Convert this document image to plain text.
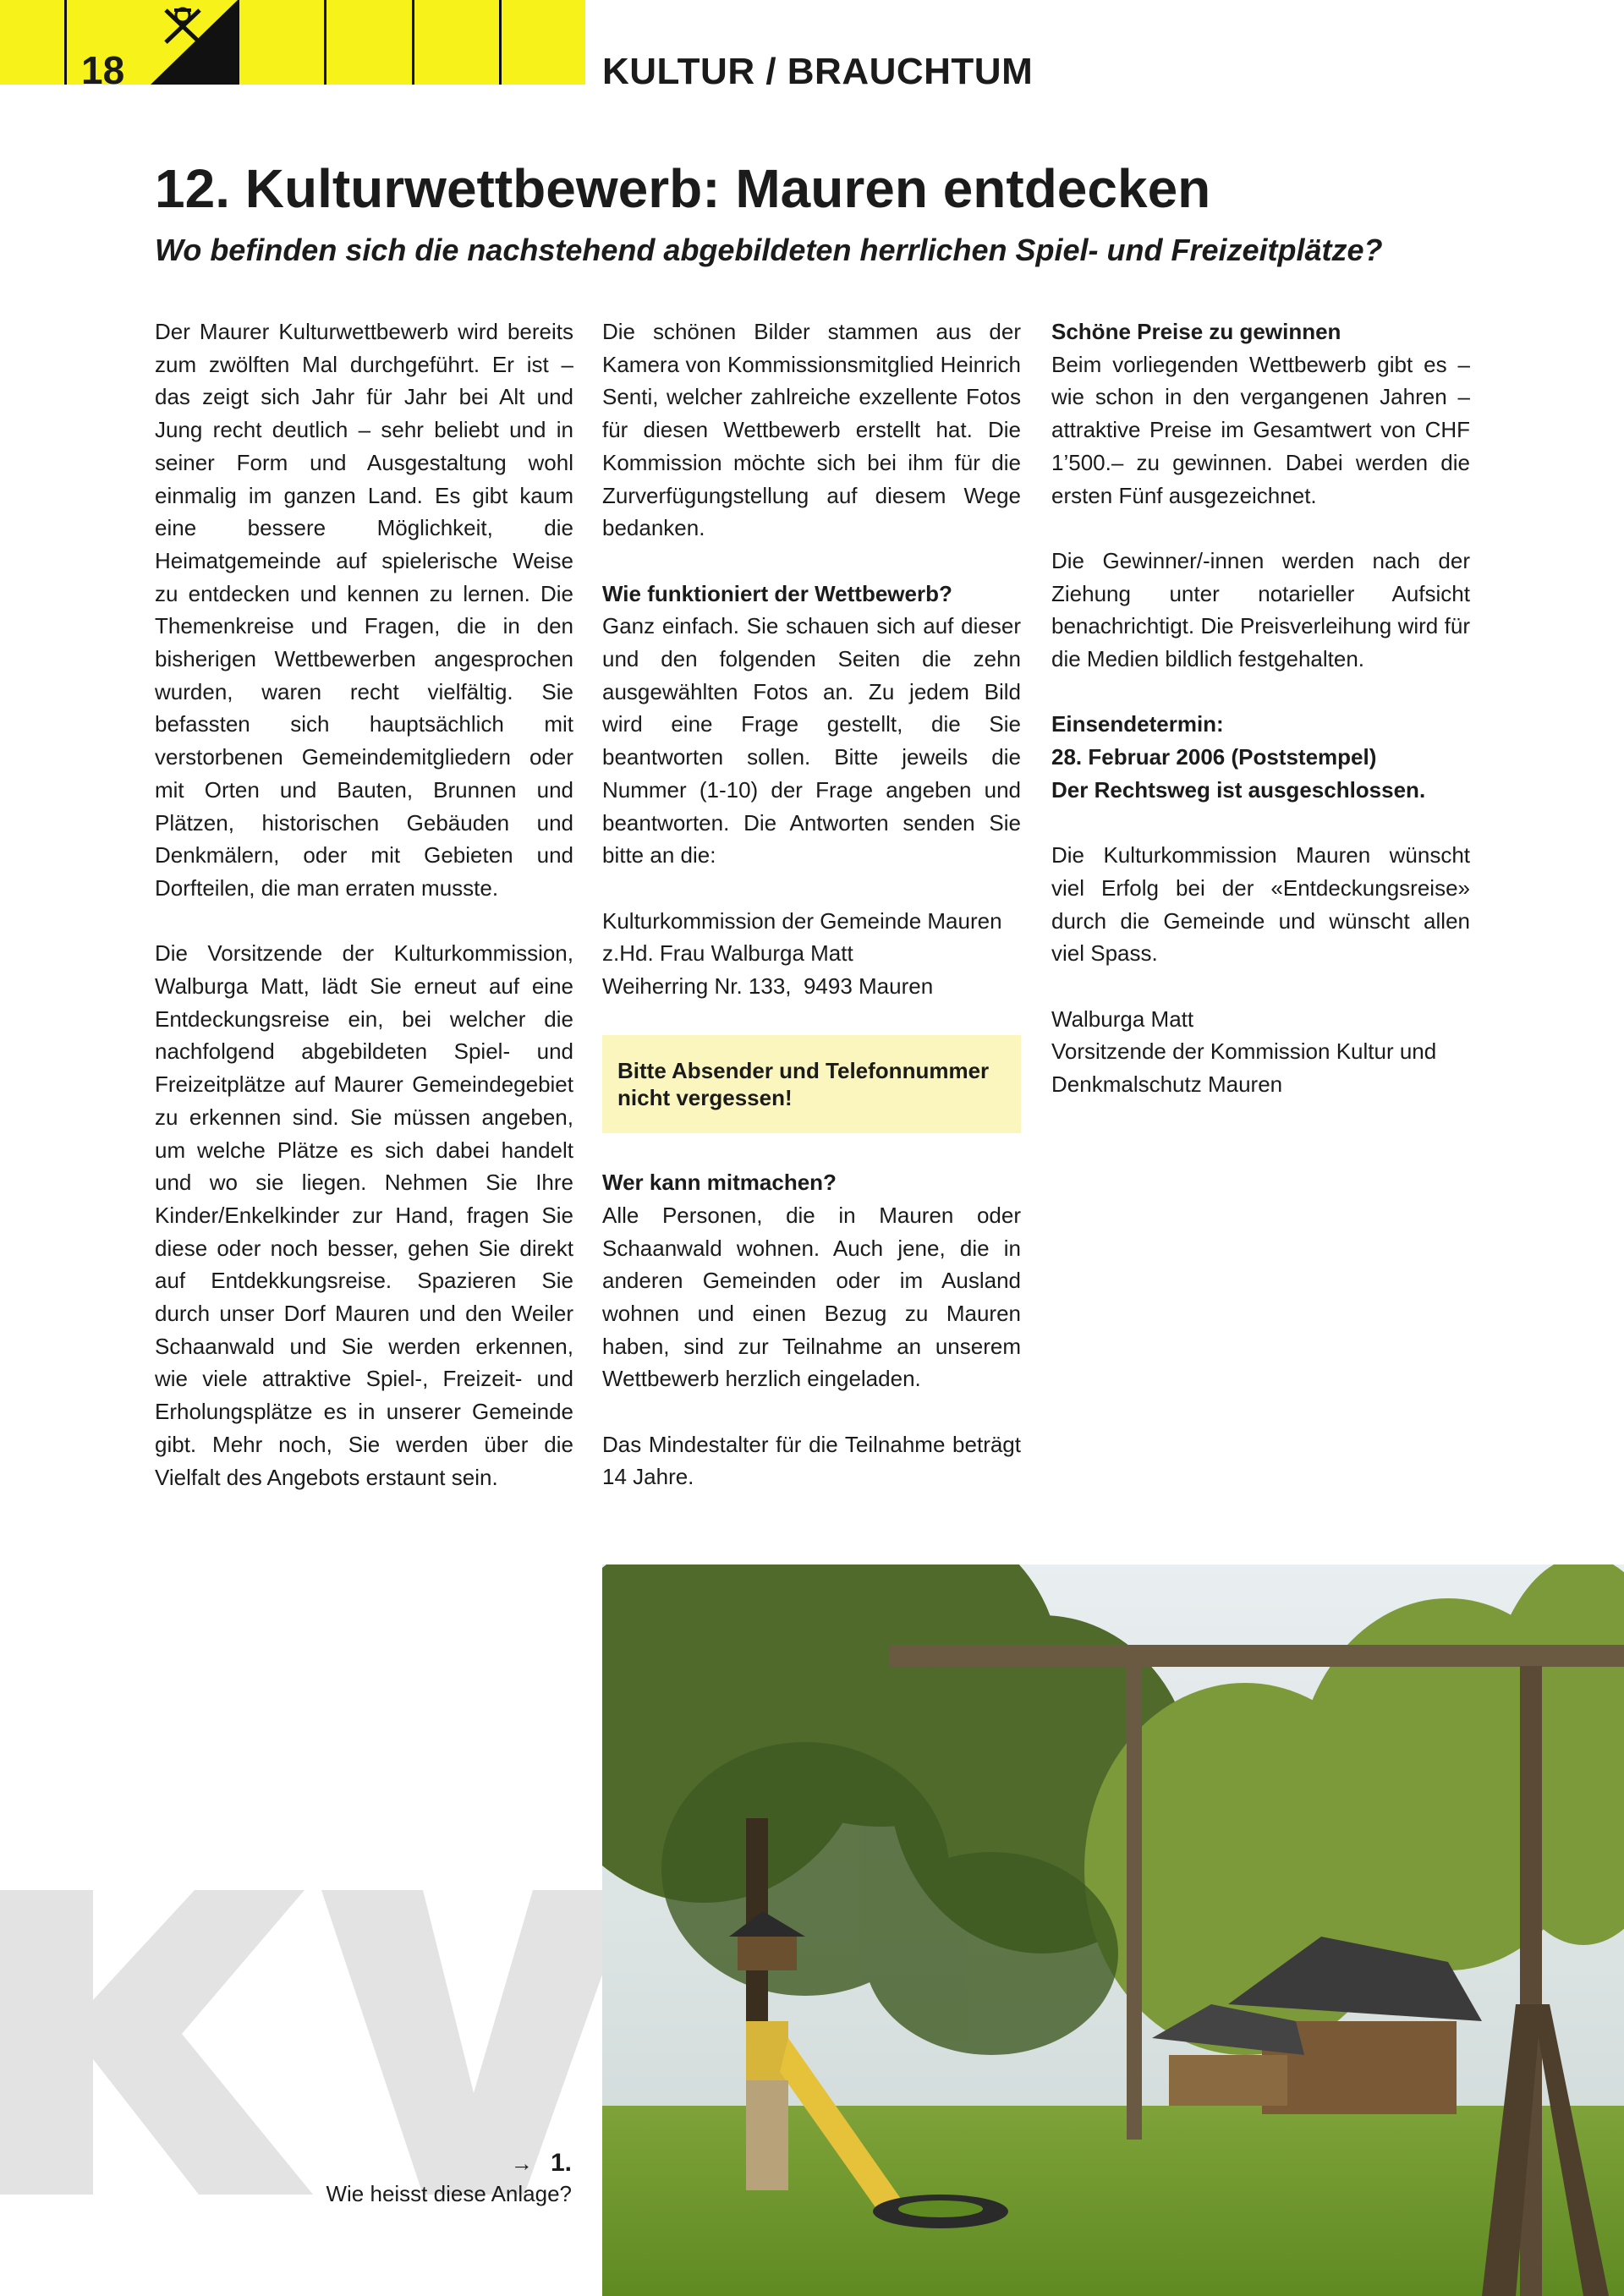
18	KULTUR / BRAUCHTUM
12. Kulturwettbewerb: Mauren entdecken
Wo befinden sich die nachstehend abgebildeten herrlichen Spiel- und Freizeitplätze?

Der Maurer Kulturwettbewerb wird bereits zum zwölften Mal durchgeführt. Er ist – das zeigt sich Jahr für Jahr bei Alt und Jung recht deutlich – sehr beliebt und in seiner Form und Ausgestaltung wohl einmalig im ganzen Land. Es gibt kaum eine bessere Möglichkeit, die Heimatgemeinde auf spielerische Weise zu entdecken und kennen zu lernen. Die Themenkreise und Fragen, die in den bisherigen Wettbewerben angesprochen wurden, waren recht vielfältig. Sie befassten sich hauptsächlich mit verstorbenen Gemeindemitgliedern oder mit Orten und Bauten, Brunnen und Plätzen, historischen Gebäuden und Denkmälern, oder mit Gebieten und Dorfteilen, die man erraten musste.

Die Vorsitzende der Kulturkommission, Walburga Matt, lädt Sie erneut auf eine Entdeckungsreise ein, bei welcher die nachfolgend abgebildeten Spiel- und Freizeitplätze auf Maurer Gemeindegebiet zu erkennen sind. Sie müssen angeben, um welche Plätze es sich dabei handelt und wo sie liegen. Nehmen Sie Ihre Kinder/Enkelkinder zur Hand, fragen Sie diese oder noch besser, gehen Sie direkt auf Entdekkungsreise. Spazieren Sie durch unser Dorf Mauren und den Weiler Schaanwald und Sie werden erkennen, wie viele attraktive Spiel-, Freizeit- und Erholungsplätze es in unserer Gemeinde gibt. Mehr noch, Sie werden über die Vielfalt des Angebots erstaunt sein.

Die schönen Bilder stammen aus der Kamera von Kommissionsmitglied Heinrich Senti, welcher zahlreiche exzellente Fotos für diesen Wettbewerb erstellt hat. Die Kommission möchte sich bei ihm für die Zurverfügungstellung auf diesem Wege bedanken.

Wie funktioniert der Wettbewerb?
Ganz einfach. Sie schauen sich auf dieser und den folgenden Seiten die zehn ausgewählten Fotos an. Zu jedem Bild wird eine Frage gestellt, die Sie beantworten sollen. Bitte jeweils die Nummer (1-10) der Frage angeben und beantworten. Die Antworten senden Sie bitte an die:

Kulturkommission der Gemeinde Mauren
z.Hd. Frau Walburga Matt
Weiherring Nr. 133,  9493 Mauren

Bitte Absender und Telefonnummer nicht vergessen!

Wer kann mitmachen?
Alle Personen, die in Mauren oder Schaanwald wohnen. Auch jene, die in anderen Gemeinden oder im Ausland wohnen und einen Bezug zu Mauren haben, sind zur Teilnahme an unserem Wettbewerb herzlich eingeladen.

Das Mindestalter für die Teilnahme beträgt 14 Jahre.

Schöne Preise zu gewinnen
Beim vorliegenden Wettbewerb gibt es – wie schon in den vergangenen Jahren – attraktive Preise im Gesamtwert von CHF 1’500.– zu gewinnen. Dabei werden die ersten Fünf ausgezeichnet.

Die Gewinner/-innen werden nach der Ziehung unter notarieller Aufsicht benachrichtigt. Die Preisverleihung wird für die Medien bildlich festgehalten.

Einsendetermin:
28. Februar 2006 (Poststempel)
Der Rechtsweg ist ausgeschlossen.

Die Kulturkommission Mauren wünscht viel Erfolg bei der «Entdeckungsreise» durch die Gemeinde und wünscht allen viel Spass.

Walburga Matt
Vorsitzende der Kommission Kultur und Denkmalschutz Mauren

→ 1.
Wie heisst diese Anlage?
